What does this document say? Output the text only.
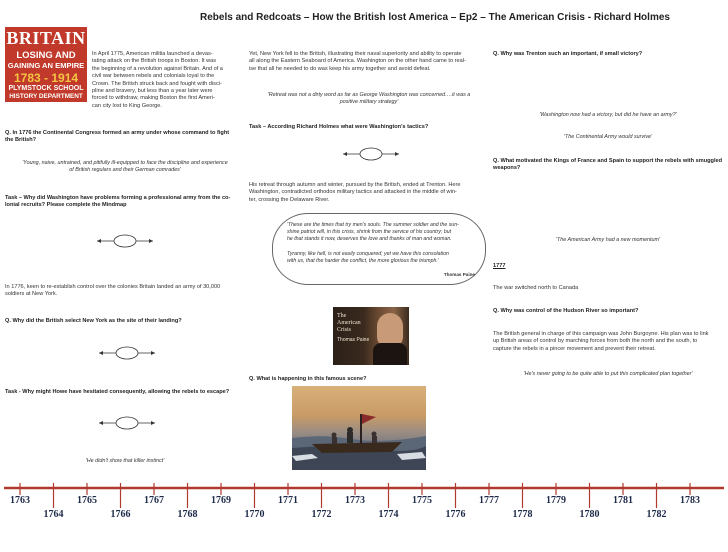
Rebels and Redcoats – How the British lost America – Ep2 – The American Crisis - Richard Holmes
BRITAIN
LOSING AND
GAINING AN EMPIRE
1783 - 1914
PLYMSTOCK SCHOOL
HISTORY DEPARTMENT
In April 1775, American militia launched a devas-
tating attack on the British troops in Boston. It was
the beginning of a revolution against Britain. And of a
civil war between rebels and colonials loyal to the
Crown. The British struck back and fought with disci-
pline and bravery, but less than a year later were
forced to withdraw, making Boston the first Ameri-
can city lost to King George.
Q. In 1776 the Continental Congress formed an army under whose command to fight
the British?
'Young, naive, untrained, and pitifully ill-equipped to face the discipline and experience
of British regulars and their German comrades'
Task – Why did Washington have problems forming a professional army from the co-
lonial recruits? Please complete the Mindmap
In 1776, keen to re-establish control over the colonies Britain landed an army of 30,000
soldiers at New York.
Q. Why did the British select New York as the site of their landing?
Task - Why might Howe have hesitated consequently, allowing the rebels to escape?
'He didn't show that killer instinct'
Yet, New York fell to the British, illustrating their naval superiority and ability to operate
all along the Eastern Seaboard of America. Washington on the other hand came to real-
ise that all he needed to do was keep his army together and avoid defeat.
'Retreat was not a dirty word as far as George Washington was concerned….it was a
positive military strategy'
Task – According Richard Holmes what were Washington's tactics?
His retreat through autumn and winter, pursued by the British, ended at Trenton. Here
Washington, contradicted orthodox military tactics and attacked in the middle of win-
ter, crossing the Delaware River.
'These are the times that try men's souls. The summer soldier and the sun-
shine patriot will, in this crisis, shrink from the service of his country; but
he that stands it now, deserves the love and thanks of man and woman.
Tyranny, like hell, is not easily conquered; yet we have this consolation
with us, that the harder the conflict, the more glorious the triumph.'
Thomas Paine
The
American
Crisis
Thomas Paine
Q. What is happening in this famous scene?
Q. Why was Trenton such an important, if small victory?
'Washington now had a victory, but did he have an army?'
'The Continental Army would survive'
Q. What motivated the Kings of France and Spain to support the rebels with smuggled
weapons?
'The American Army had a new momentum'
1777
The war switched north to Canada
Q. Why was control of the Hudson River so important?
The British general in charge of this campaign was John Burgoyne. His plan was to link
up British areas of control by marching forces from both the north and the south, to
capture the rebels in a pincer movement and prevent their retreat.
'He's never going to be quite able to put this complicated plan together'
1763
1764
1765
1766
1767
1768
1769
1770
1771
1772
1773
1774
1775
1776
1777
1778
1779
1780
1781
1782
1783
